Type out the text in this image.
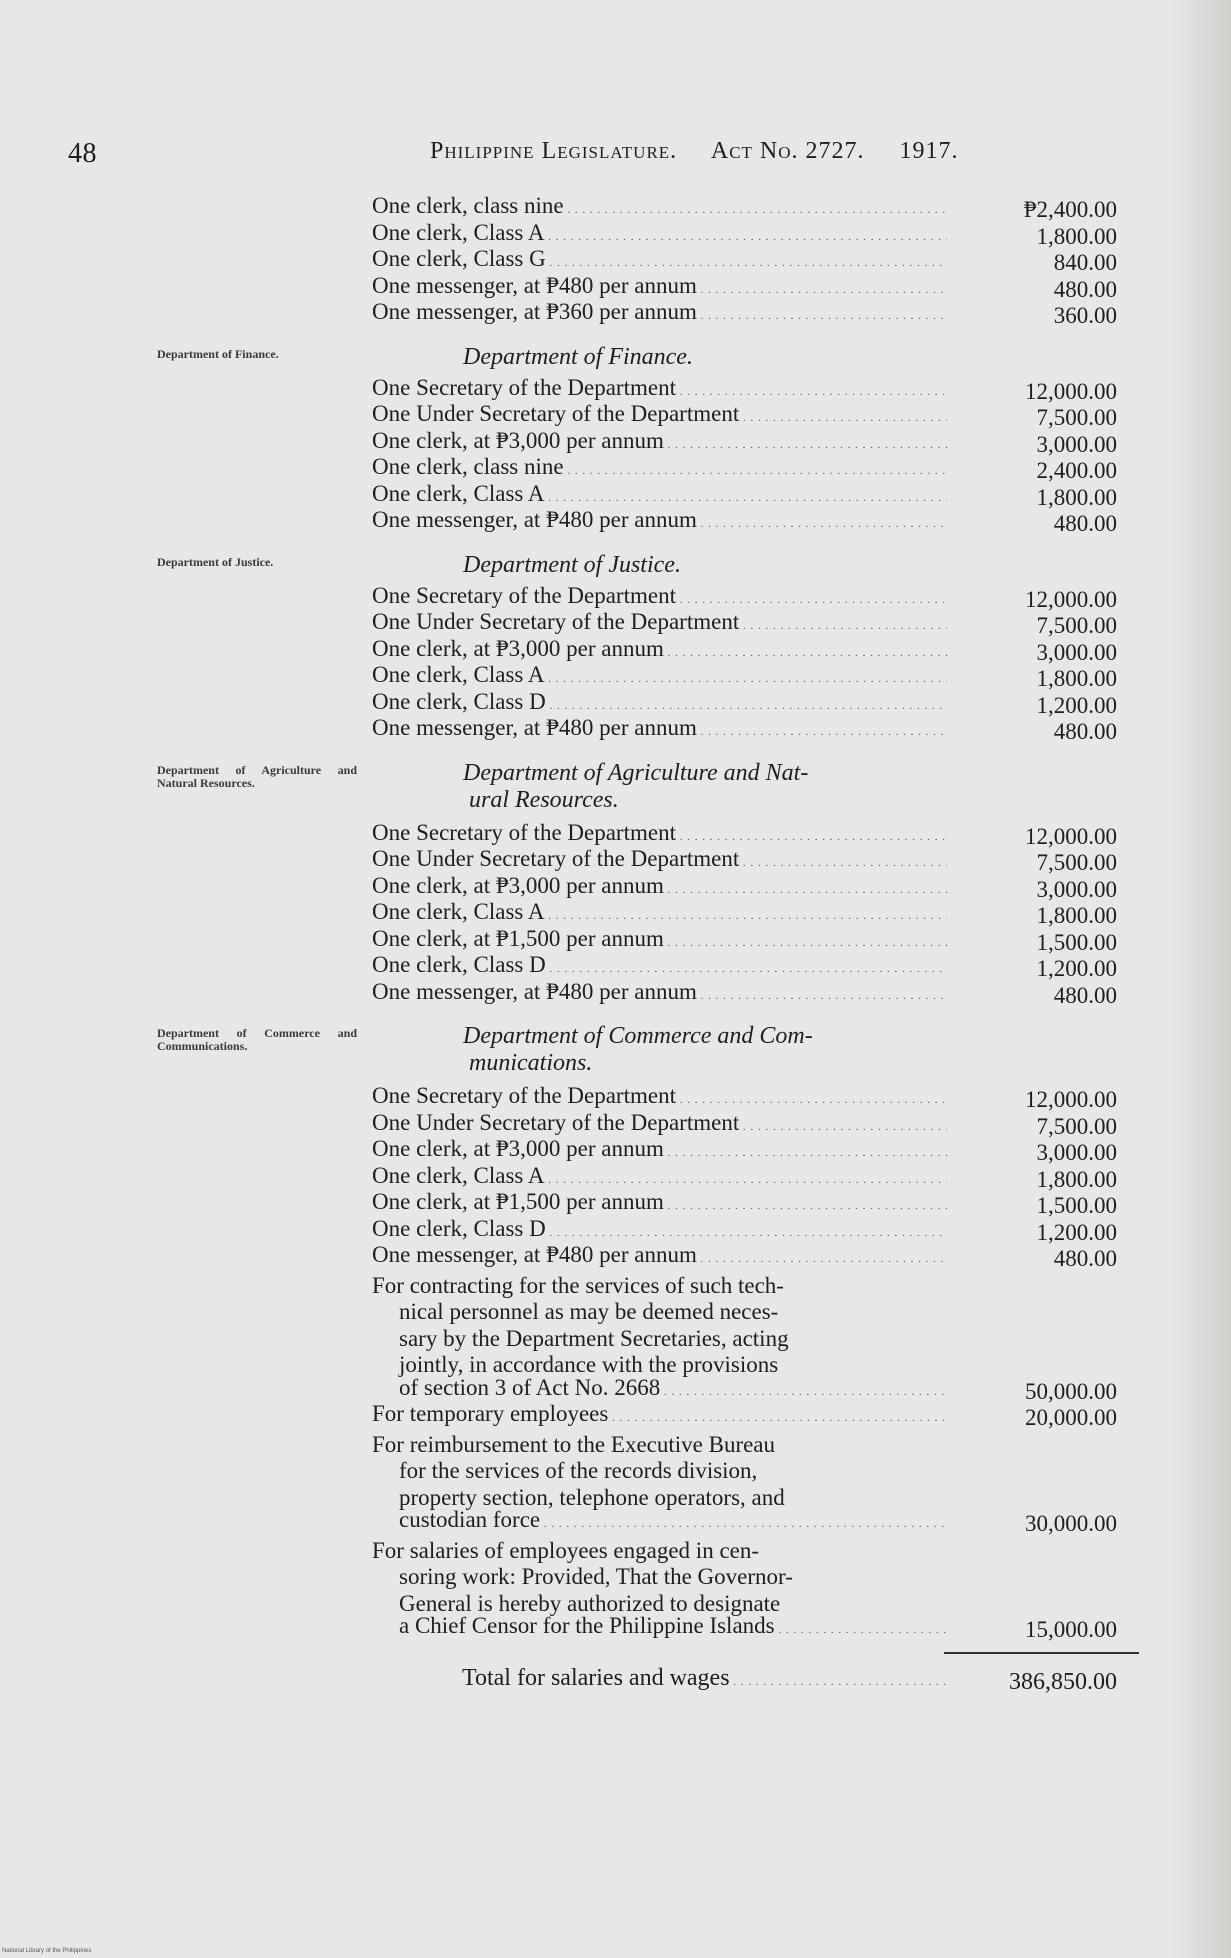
48	Philippine Legislature. Act No. 2727. 1917.
One clerk, class nine . . .	₱2,400.00
One clerk, Class A . . .	1,800.00
One clerk, Class G . . .	840.00
One messenger, at ₱480 per annum . . .	480.00
One messenger, at ₱360 per annum . . .	360.00
Department of Finance.	Department of Finance.
One Secretary of the Department . . .	12,000.00
One Under Secretary of the Department . . .	7,500.00
One clerk, at ₱3,000 per annum . . .	3,000.00
One clerk, class nine . . .	2,400.00
One clerk, Class A . . .	1,800.00
One messenger, at ₱480 per annum . . .	480.00
Department of Justice.	Department of Justice.
One Secretary of the Department . . .	12,000.00
One Under Secretary of the Department . . .	7,500.00
One clerk, at ₱3,000 per annum . . .	3,000.00
One clerk, Class A . . .	1,800.00
One clerk, Class D . . .	1,200.00
One messenger, at ₱480 per annum . . .	480.00
Department of Agriculture and Natural Resources.	Department of Agriculture and Nat-
ural Resources.
One Secretary of the Department . . .	12,000.00
One Under Secretary of the Department . . .	7,500.00
One clerk, at ₱3,000 per annum . . .	3,000.00
One clerk, Class A . . .	1,800.00
One clerk, at ₱1,500 per annum . . .	1,500.00
One clerk, Class D . . .	1,200.00
One messenger, at ₱480 per annum . . .	480.00
Department of Commerce and Communications.	Department of Commerce and Com-
munications.
One Secretary of the Department . . .	12,000.00
One Under Secretary of the Department . . .	7,500.00
One clerk, at ₱3,000 per annum . . .	3,000.00
One clerk, Class A . . .	1,800.00
One clerk, at ₱1,500 per annum . . .	1,500.00
One clerk, Class D . . .	1,200.00
One messenger, at ₱480 per annum . . .	480.00
For contracting for the services of such tech-
nical personnel as may be deemed neces-
sary by the Department Secretaries, acting
jointly, in accordance with the provisions
of section 3 of Act No. 2668 . . .	50,000.00
For temporary employees . . .	20,000.00
For reimbursement to the Executive Bureau
for the services of the records division,
property section, telephone operators, and
custodian force . . .	30,000.00
For salaries of employees engaged in cen-
soring work: Provided, That the Governor-
General is hereby authorized to designate
a Chief Censor for the Philippine Islands . . .	15,000.00
Total for salaries and wages . . .	386,850.00
National Library of the Philippines
